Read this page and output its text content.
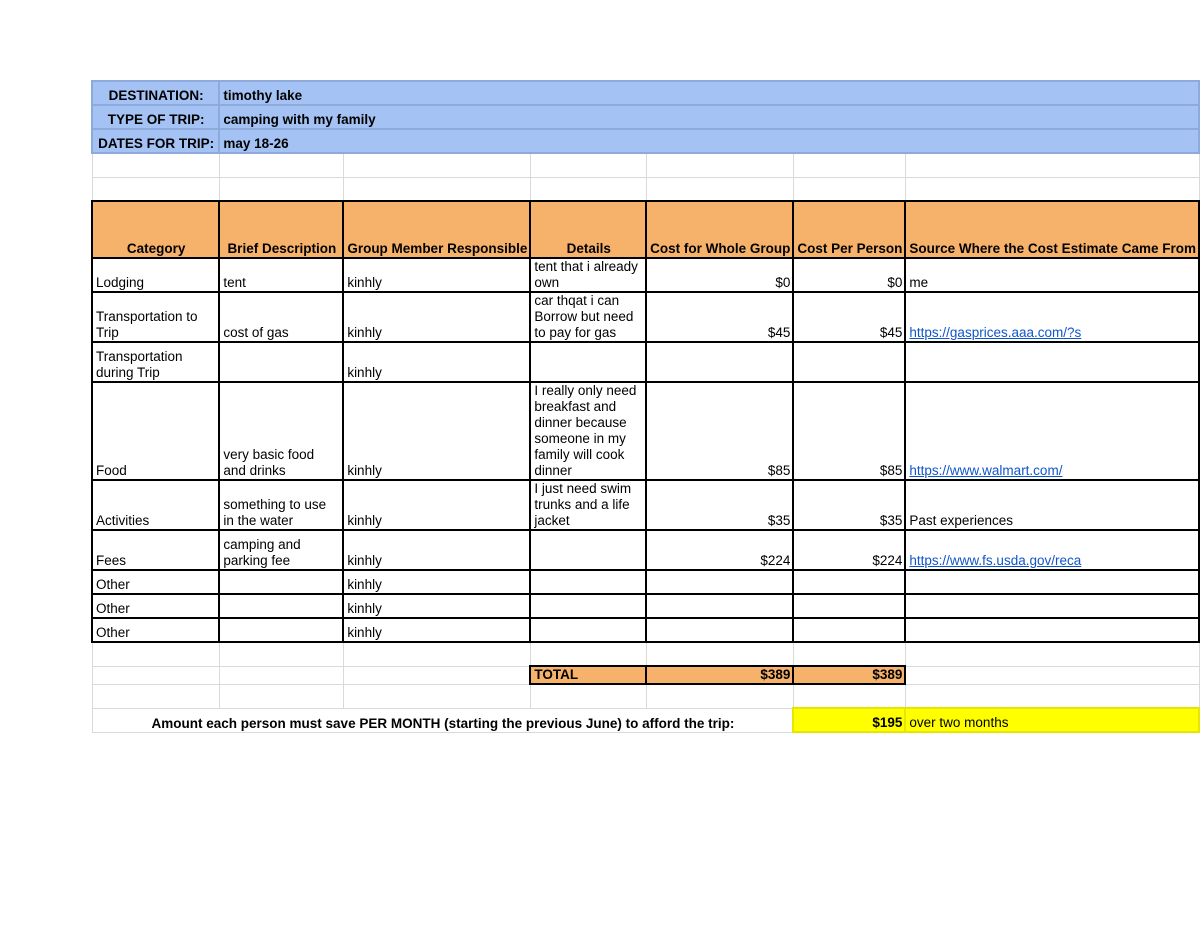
DESTINATION:	timothy lake					
TYPE OF TRIP:	camping with my family					
DATES FOR TRIP:	may 18-26					

Category	Brief Description	Group Member Responsible	Details	Cost for Whole Group	Cost Per Person	Source Where the Cost Estimate Came From
Lodging	tent	kinhly	tent that i already own	$0	$0	me
Transportation to Trip	cost of gas	kinhly	car thqat i can Borrow but need to pay for gas	$45	$45	https://gasprices.aaa.com/?s
Transportation during Trip		kinhly				
Food	very basic food and drinks	kinhly	I really only need breakfast and dinner because someone in my family will cook dinner	$85	$85	https://www.walmart.com/
Activities	something to use in the water	kinhly	I just need swim trunks and a life jacket	$35	$35	Past experiences
Fees	camping and parking fee	kinhly		$224	$224	https://www.fs.usda.gov/reca
Other		kinhly				
Other		kinhly				
Other		kinhly				

			TOTAL	$389	$389	

Amount each person must save PER MONTH (starting the previous June) to afford the trip:					$195	over two months
